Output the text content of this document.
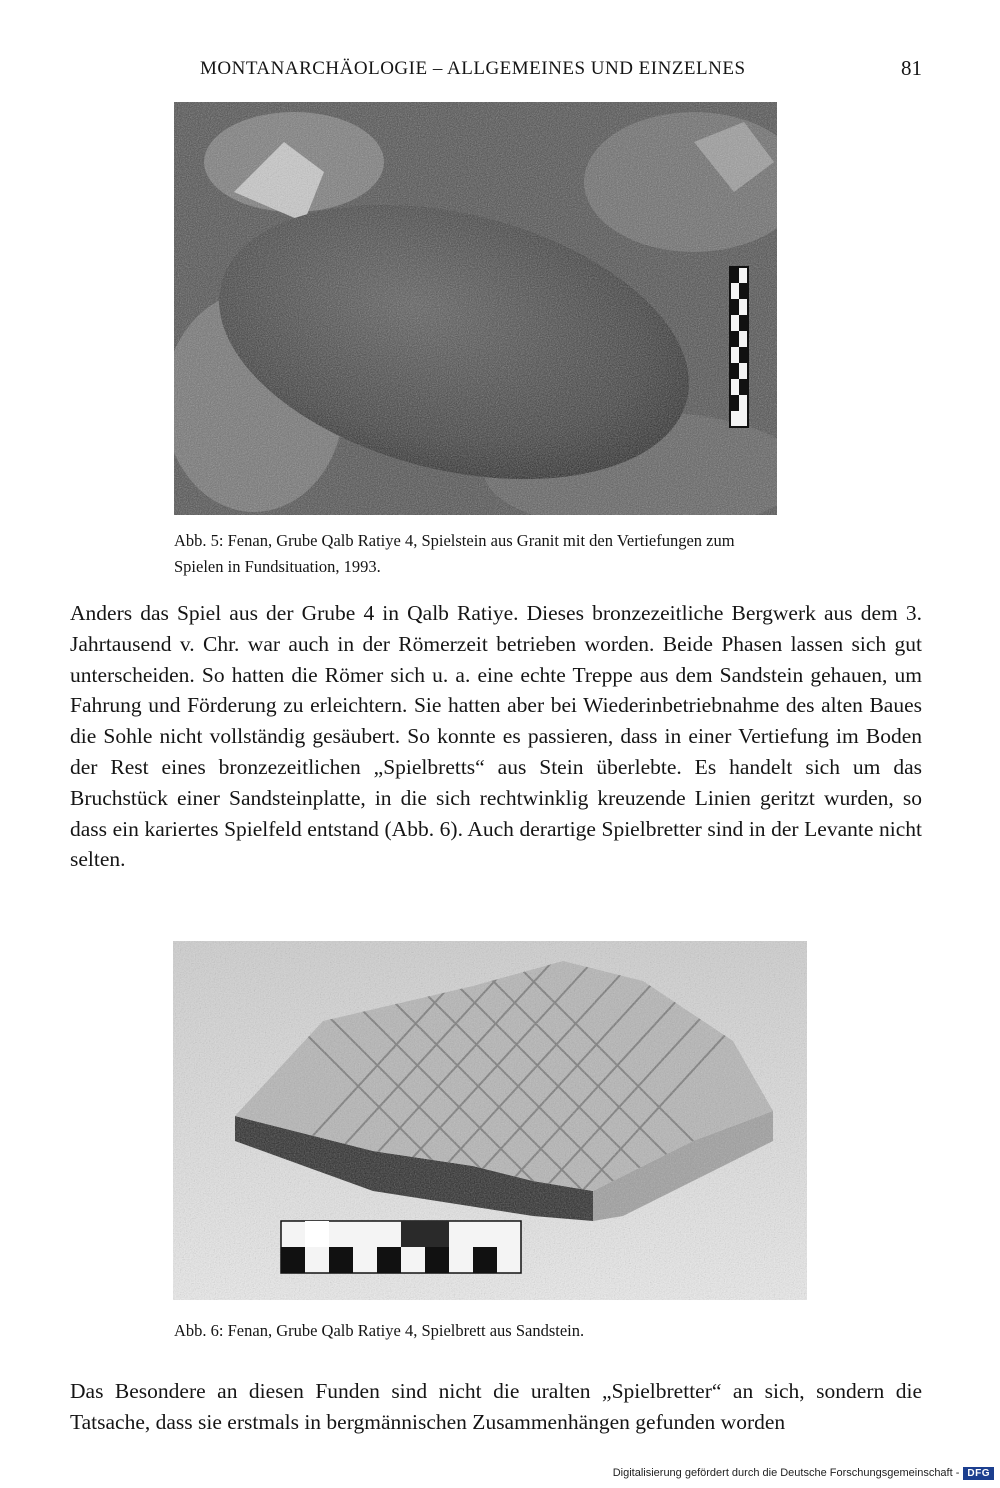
MONTANARCHÄOLOGIE – ALLGEMEINES UND EINZELNES	81

Abb. 5: Fenan, Grube Qalb Ratiye 4, Spielstein aus Granit mit den Vertiefungen zum Spielen in Fundsituation, 1993.

Anders das Spiel aus der Grube 4 in Qalb Ratiye. Dieses bronzezeitliche Bergwerk aus dem 3. Jahrtausend v. Chr. war auch in der Römerzeit betrieben worden. Beide Phasen lassen sich gut unterscheiden. So hatten die Römer sich u. a. eine echte Treppe aus dem Sandstein gehauen, um Fahrung und Förderung zu erleichtern. Sie hatten aber bei Wiederinbetriebnahme des alten Baues die Sohle nicht vollständig gesäubert. So konnte es passieren, dass in einer Vertiefung im Boden der Rest eines bronzezeitlichen „Spielbretts“ aus Stein überlebte. Es handelt sich um das Bruchstück einer Sandsteinplatte, in die sich rechtwinklig kreuzende Linien geritzt wurden, so dass ein kariertes Spielfeld entstand (Abb. 6). Auch derartige Spielbretter sind in der Levante nicht selten.

Abb. 6: Fenan, Grube Qalb Ratiye 4, Spielbrett aus Sandstein.

Das Besondere an diesen Funden sind nicht die uralten „Spielbretter“ an sich, sondern die Tatsache, dass sie erstmals in bergmännischen Zusammenhängen gefunden worden

Digitalisierung gefördert durch die Deutsche Forschungsgemeinschaft - DFG
